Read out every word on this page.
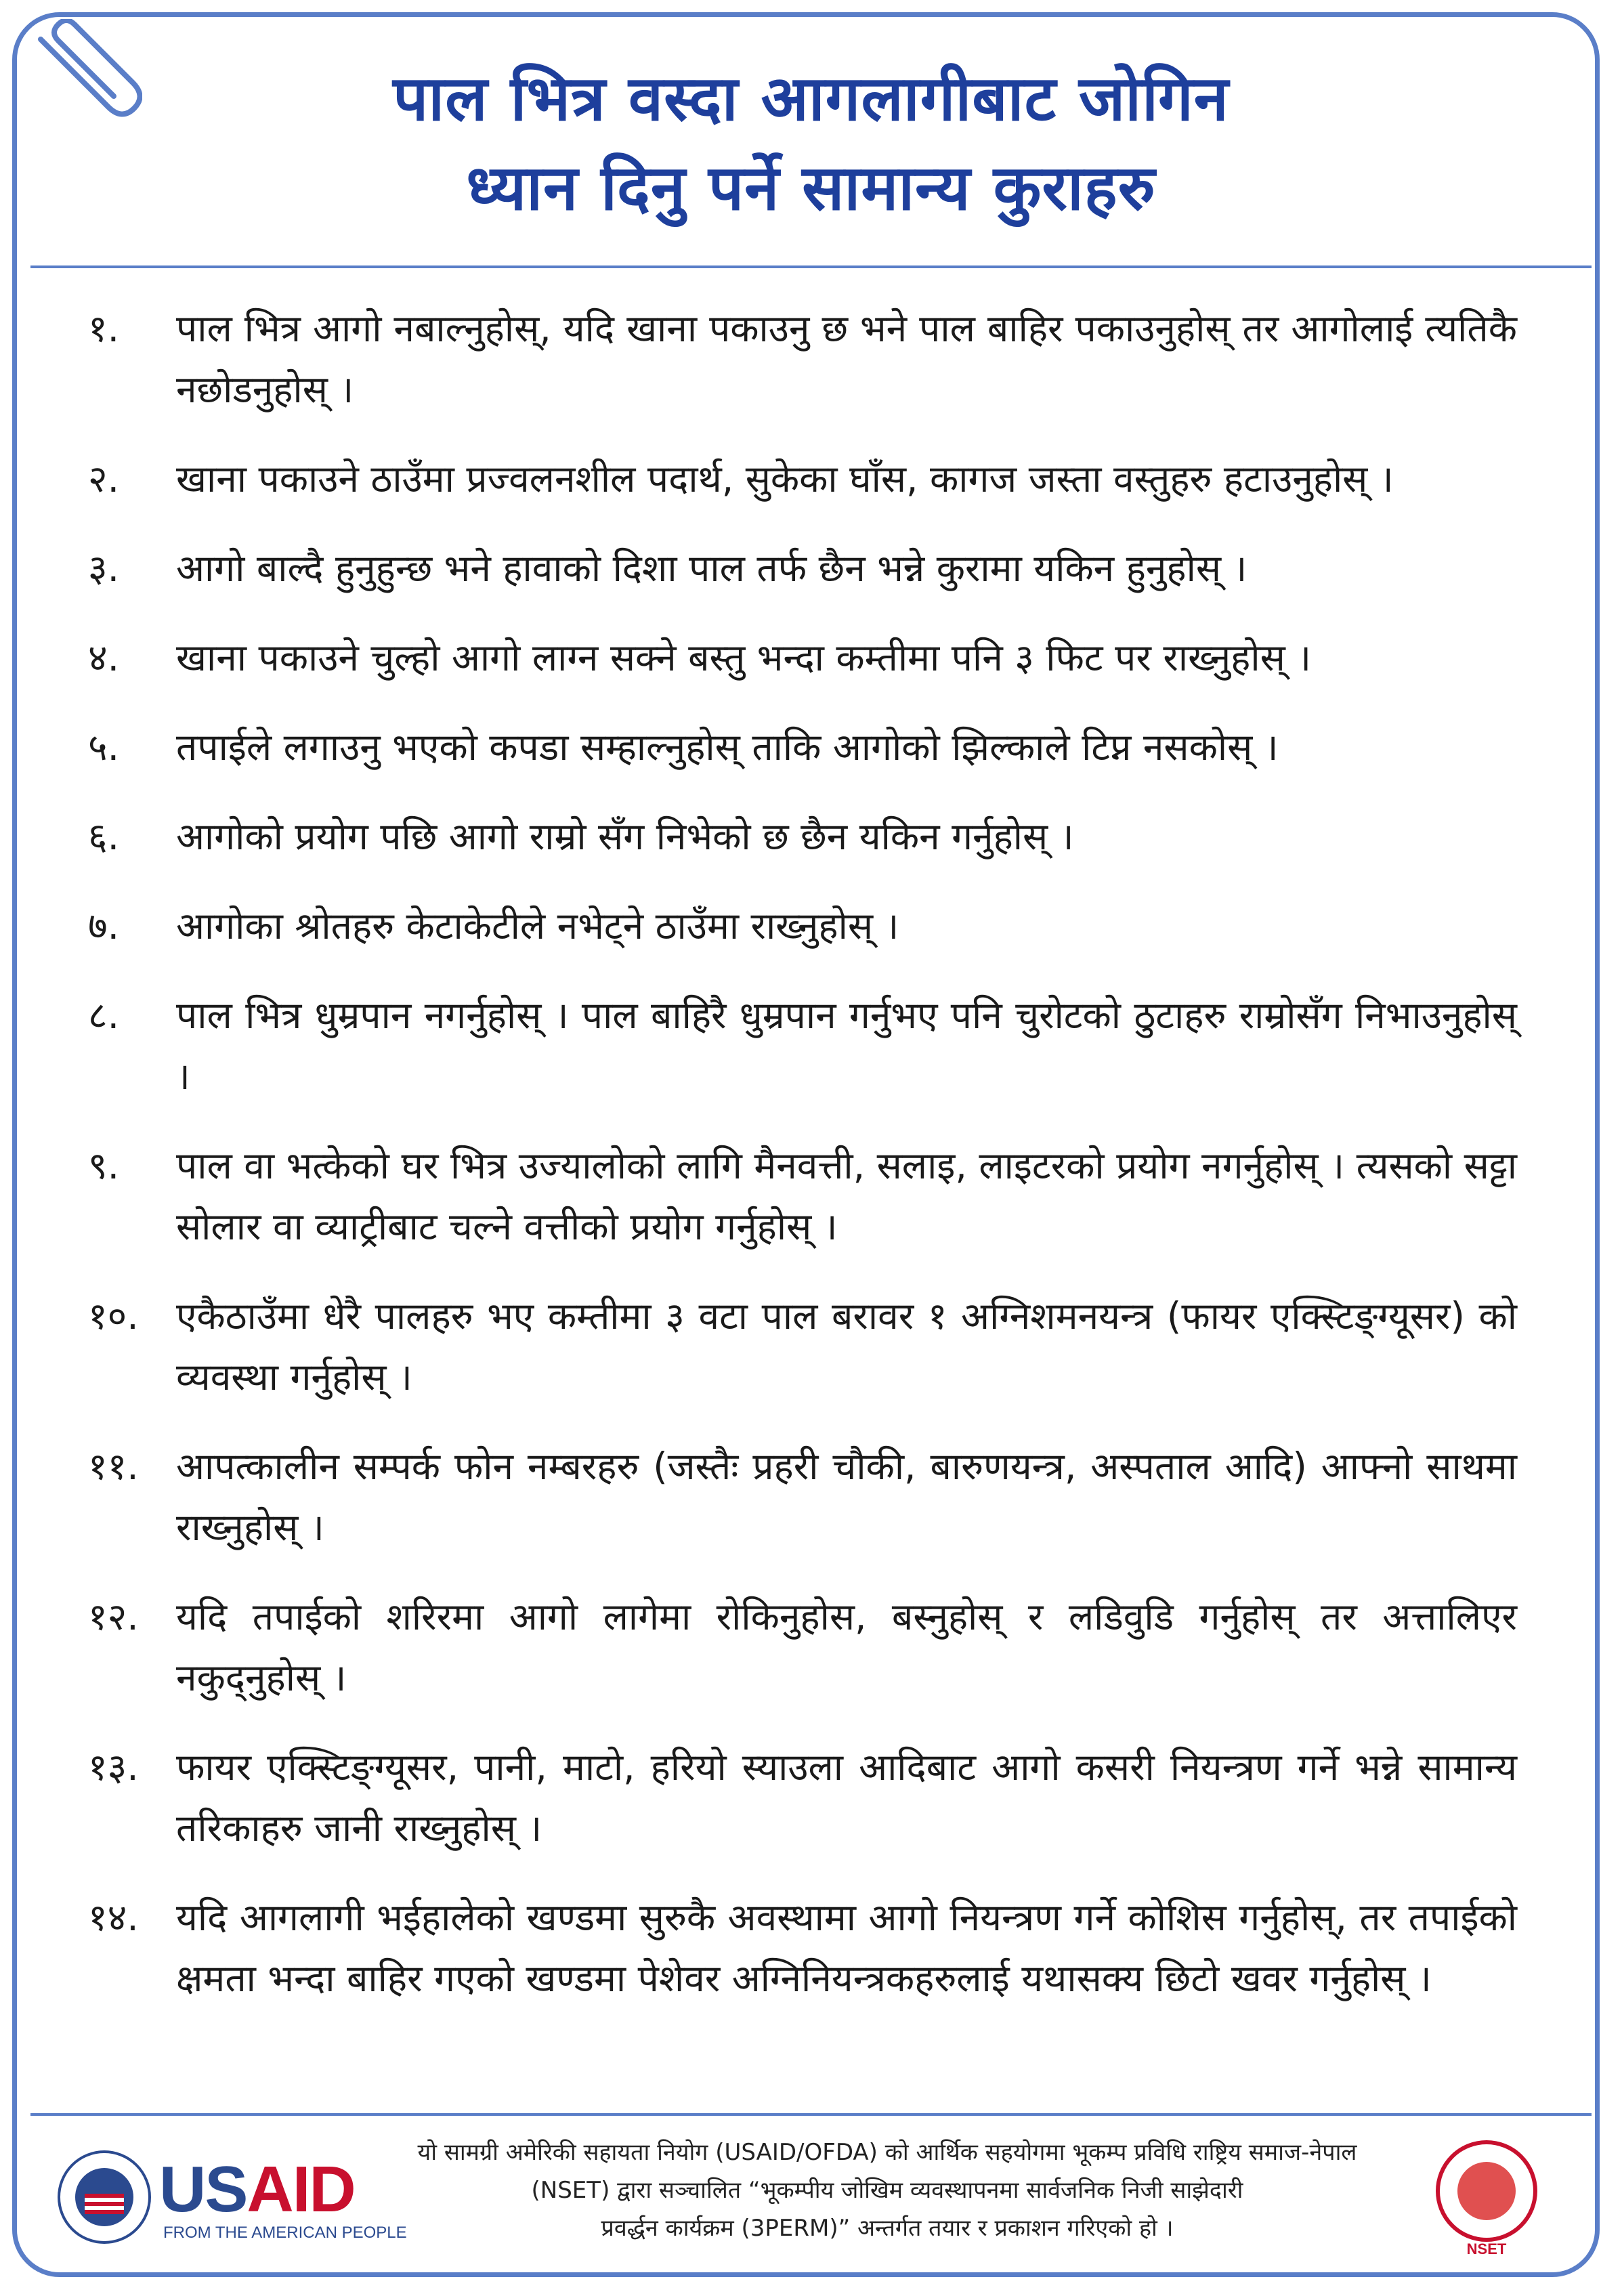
पाल भित्र वस्दा आगलागीबाट जोगिन
ध्यान दिनु पर्ने सामान्य कुराहरु
१.	पाल भित्र आगो नबाल्नुहोस्, यदि खाना पकाउनु छ भने पाल बाहिर पकाउनुहोस् तर आगोलाई त्यतिकै नछोडनुहोस् ।
२.	खाना पकाउने ठाउँमा प्रज्वलनशील पदार्थ, सुकेका घाँस, कागज जस्ता वस्तुहरु हटाउनुहोस् ।
३.	आगो बाल्दै हुनुहुन्छ भने हावाको दिशा पाल तर्फ छैन भन्ने कुरामा यकिन हुनुहोस् ।
४.	खाना पकाउने चुल्हो आगो लाग्न सक्ने बस्तु भन्दा कम्तीमा पनि ३ फिट पर राख्नुहोस् ।
५.	तपाईले लगाउनु भएको कपडा सम्हाल्नुहोस् ताकि आगोको झिल्काले टिप्न नसकोस् ।
६.	आगोको प्रयोग पछि आगो राम्रो सँग निभेको छ छैन यकिन गर्नुहोस् ।
७.	आगोका श्रोतहरु केटाकेटीले नभेट्ने ठाउँमा राख्नुहोस् ।
८.	पाल भित्र धुम्रपान नगर्नुहोस् । पाल बाहिरै धुम्रपान गर्नुभए पनि चुरोटको ठुटाहरु राम्रोसँग निभाउनुहोस् ।
९.	पाल वा भत्केको घर भित्र उज्यालोको लागि मैनवत्ती, सलाइ, लाइटरको प्रयोग नगर्नुहोस् । त्यसको सट्टा सोलार वा व्याट्रीबाट चल्ने वत्तीको प्रयोग गर्नुहोस् ।
१०.	एकैठाउँमा धेरै पालहरु भए कम्तीमा ३ वटा पाल बरावर १ अग्निशमनयन्त्र (फायर एक्स्टिङ्ग्यूसर) को व्यवस्था गर्नुहोस् ।
११.	आपत्कालीन सम्पर्क फोन नम्बरहरु (जस्तैः प्रहरी चौकी, बारुणयन्त्र, अस्पताल आदि) आफ्नो साथमा राख्नुहोस् ।
१२.	यदि तपाईको शरिरमा आगो लागेमा रोकिनुहोस, बस्नुहोस् र लडिवुडि गर्नुहोस् तर अत्तालिएर नकुद्नुहोस् ।
१३.	फायर एक्स्टिङ्ग्यूसर, पानी, माटो, हरियो स्याउला आदिबाट आगो कसरी नियन्त्रण गर्ने भन्ने सामान्य तरिकाहरु जानी राख्नुहोस् ।
१४.	यदि आगलागी भईहालेको खण्डमा सुरुकै अवस्थामा आगो नियन्त्रण गर्ने कोशिस गर्नुहोस्, तर तपाईको क्षमता भन्दा बाहिर गएको खण्डमा पेशेवर अग्निनियन्त्रकहरुलाई यथासक्य छिटो खवर गर्नुहोस् ।
USAID
FROM THE AMERICAN PEOPLE
यो सामग्री अमेरिकी सहायता नियोग (USAID/OFDA) को आर्थिक सहयोगमा भूकम्प प्रविधि राष्ट्रिय समाज-नेपाल
(NSET) द्वारा सञ्चालित “भूकम्पीय जोखिम व्यवस्थापनमा सार्वजनिक निजी साझेदारी
प्रवर्द्धन कार्यक्रम (3PERM)” अन्तर्गत तयार र प्रकाशन गरिएको हो ।
NSET
